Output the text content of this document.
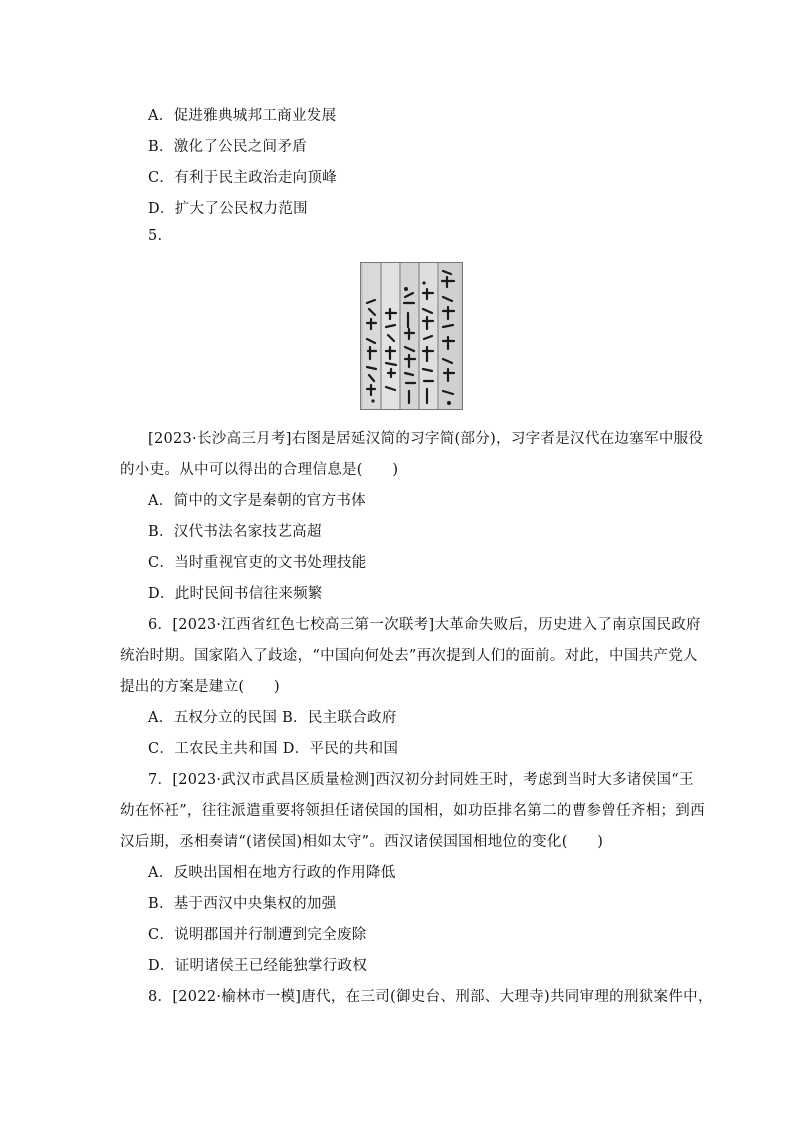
A．促进雅典城邦工商业发展
B．激化了公民之间矛盾
C．有利于民主政治走向顶峰
D．扩大了公民权力范围
5.
[2023·长沙高三月考]右图是居延汉简的习字简(部分)，习字者是汉代在边塞军中服役
的小吏。从中可以得出的合理信息是(　　)
A．简中的文字是秦朝的官方书体
B．汉代书法名家技艺高超
C．当时重视官吏的文书处理技能
D．此时民间书信往来频繁
6．[2023·江西省红色七校高三第一次联考]大革命失败后，历史进入了南京国民政府
统治时期。国家陷入了歧途，“中国向何处去”再次提到人们的面前。对此，中国共产党人
提出的方案是建立(　　)
A．五权分立的民国 B．民主联合政府
C．工农民主共和国 D．平民的共和国
7．[2023·武汉市武昌区质量检测]西汉初分封同姓王时，考虑到当时大多诸侯国“王
幼在怀衽”，往往派遣重要将领担任诸侯国的国相，如功臣排名第二的曹参曾任齐相；到西
汉后期，丞相奏请“(诸侯国)相如太守”。西汉诸侯国国相地位的变化(　　)
A．反映出国相在地方行政的作用降低
B．基于西汉中央集权的加强
C．说明郡国并行制遭到完全废除
D．证明诸侯王已经能独掌行政权
8．[2022·榆林市一模]唐代，在三司(御史台、刑部、大理寺)共同审理的刑狱案件中，
